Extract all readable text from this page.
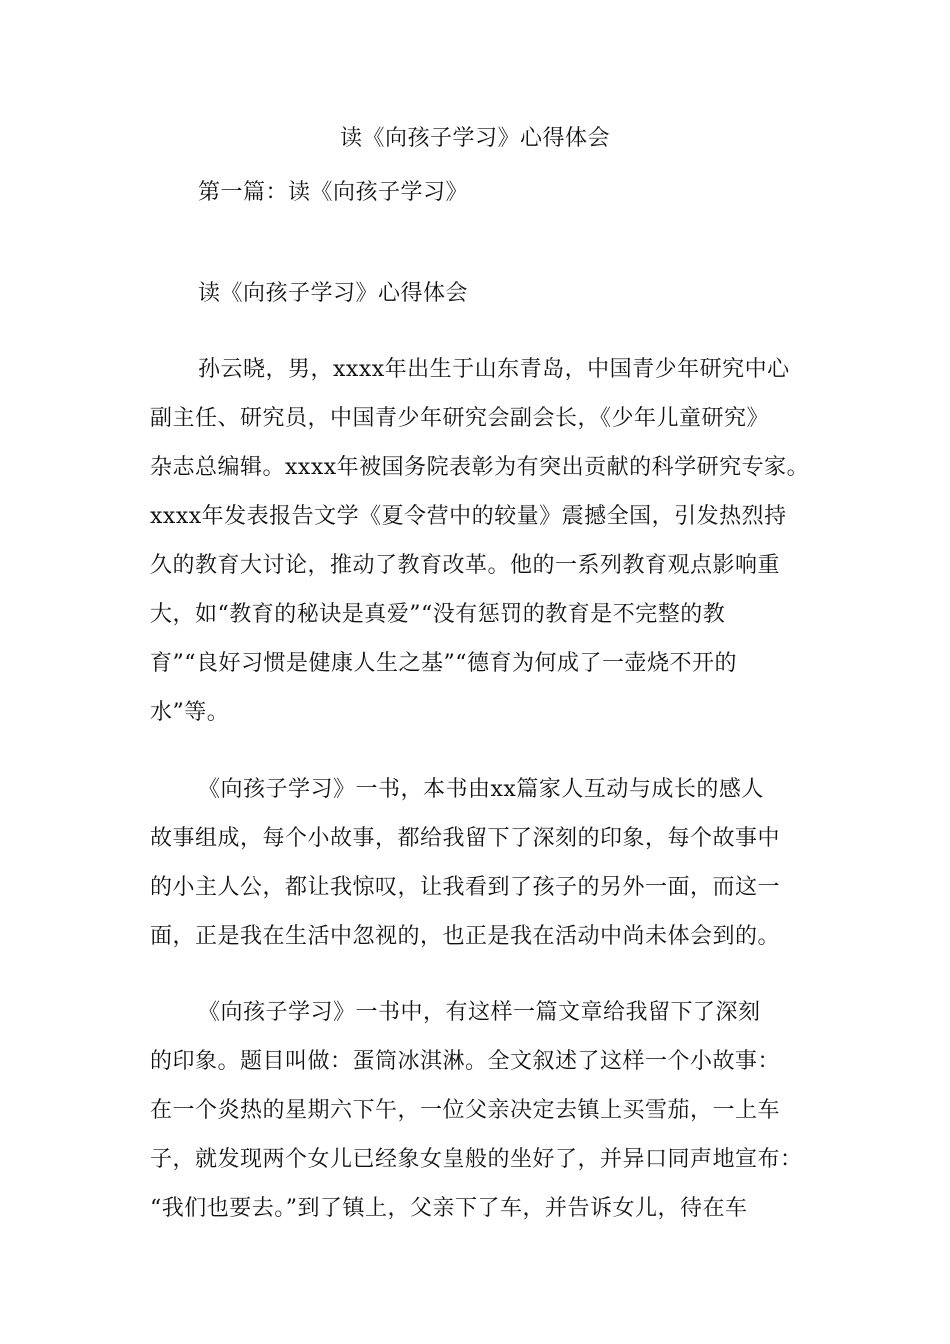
读《向孩子学习》心得体会
第一篇：读《向孩子学习》
读《向孩子学习》心得体会
孙云晓，男，xxxx年出生于山东青岛，中国青少年研究中心
副主任、研究员，中国青少年研究会副会长，《少年儿童研究》
杂志总编辑。xxxx年被国务院表彰为有突出贡献的科学研究专家。
xxxx年发表报告文学《夏令营中的较量》震撼全国，引发热烈持
久的教育大讨论，推动了教育改革。他的一系列教育观点影响重
大，如“教育的秘诀是真爱”“没有惩罚的教育是不完整的教
育”“良好习惯是健康人生之基”“德育为何成了一壶烧不开的
水”等。
《向孩子学习》一书，本书由xx篇家人互动与成长的感人
故事组成，每个小故事，都给我留下了深刻的印象，每个故事中
的小主人公，都让我惊叹，让我看到了孩子的另外一面，而这一
面，正是我在生活中忽视的，也正是我在活动中尚未体会到的。
《向孩子学习》一书中，有这样一篇文章给我留下了深刻
的印象。题目叫做：蛋筒冰淇淋。全文叙述了这样一个小故事：
在一个炎热的星期六下午，一位父亲决定去镇上买雪茄，一上车
子，就发现两个女儿已经象女皇般的坐好了，并异口同声地宣布：
“我们也要去。”到了镇上，父亲下了车，并告诉女儿，待在车
